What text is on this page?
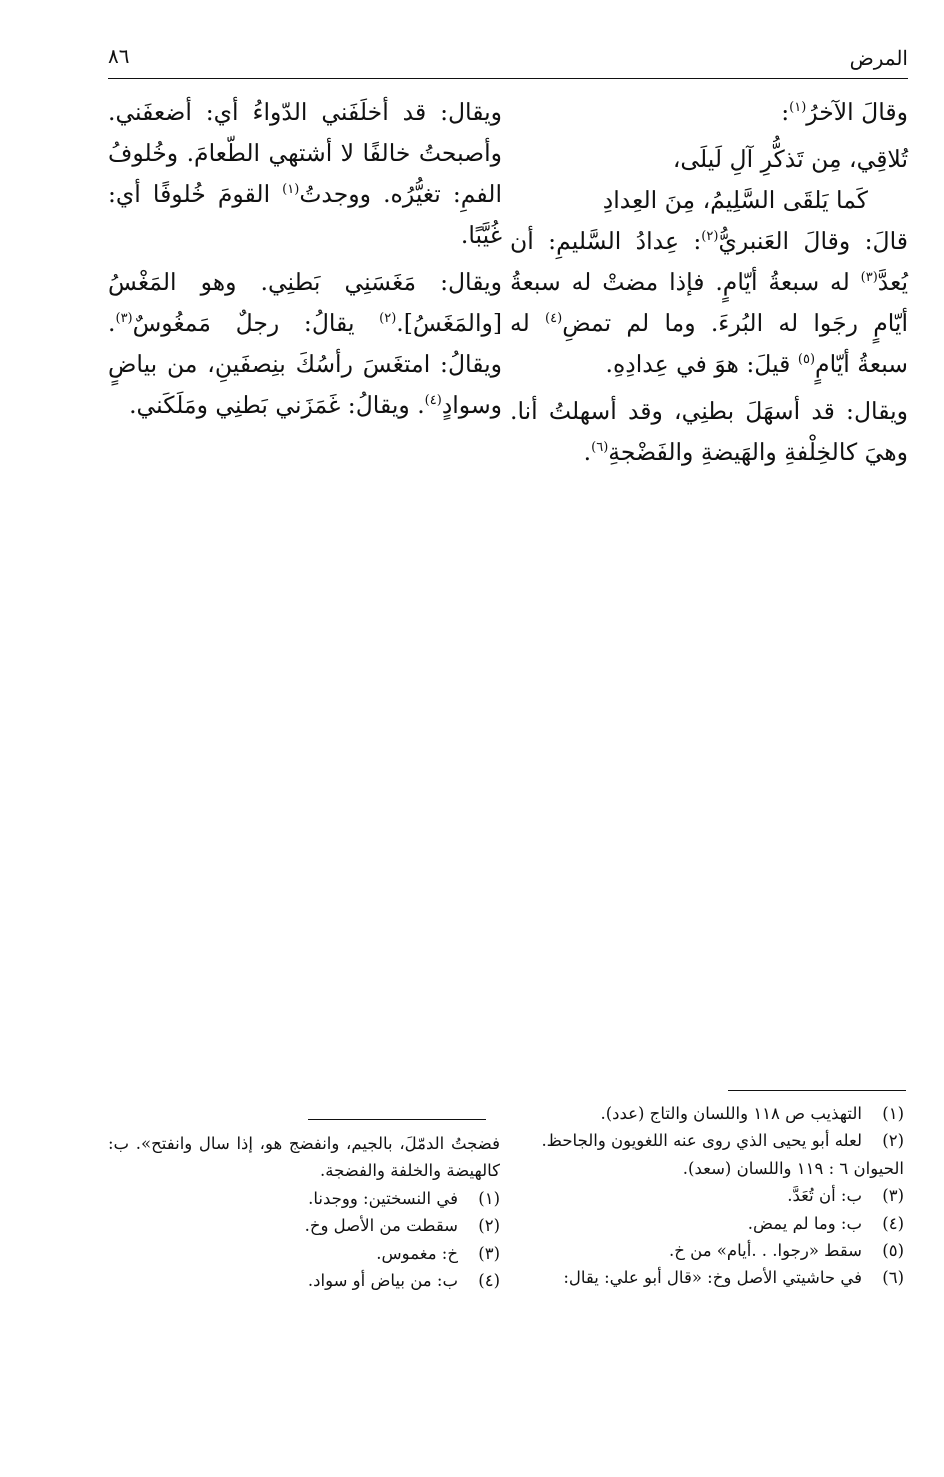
المرض
٨٦

وقالَ الآخرُ$^{(١)}$:

تُلاقِي، مِن تَذكُّرِ آلِ لَيلَى،

كَما يَلقَى السَّلِيمُ، مِنَ العِدادِ

قالَ: وقالَ العَنبريُّ$^{(٢)}$: عِدادُ السَّليمِ: أن يُعدَّ$^{(٣)}$ له سبعةُ أيّامٍ. فإذا مضتْ له سبعةُ أيّامٍ رجَوا له البُرءَ. وما لم تمضِ$^{(٤)}$ له سبعةُ أيّامٍ$^{(٥)}$ قيلَ: هوَ في عِدادِهِ.

ويقال: قد أسهَلَ بطنِي، وقد أسهلتُ أنا. وهيَ كالخِلْفةِ والهَيضةِ والفَضْجةِ$^{(٦)}$.

ويقال: قد أخلَفَني الدّواءُ أي: أضعفَني. وأصبحتُ خالفًا لا أشتهي الطّعامَ. وخُلوفُ الفمِ: تغيُّرُه. ووجدتُ$^{(١)}$ القومَ خُلوفًا أي: غُيَّبًا.

ويقال: مَغَسَنِي بَطنِي. وهو المَغْسُ [والمَغَسُ].$^{(٢)}$ يقالُ: رجلٌ مَمغُوسٌ$^{(٣)}$. ويقالُ: امتغَسَ رأسُكَ بنِصفَينِ، من بياضٍ وسوادٍ$^{(٤)}$. ويقالُ: غَمَزَني بَطنِي ومَلَكَني.

(١)
التهذيب ص ١١٨ واللسان والتاج (عدد).
(٢)
لعله أبو يحيى الذي روى عنه اللغويون والجاحظ.

الحيوان ٦ : ١١٩ واللسان (سعد).

(٣)
ب: أن تُعَدَّ.
(٤)
ب: وما لم يمض.
(٥)
سقط «رجوا. . .أيام» من خ.
(٦)
في حاشيتي الأصل وخ: «قال أبو علي: يقال:

فضجتُ الدمّلَ، بالجيم، وانفضج هو، إذا سال وانفتح». ب: كالهيضة والخلفة والفضجة.

(١)
في النسختين: ووجدنا.
(٢)
سقطت من الأصل وخ.
(٣)
خ: مغموس.
(٤)
ب: من بياض أو سواد.
